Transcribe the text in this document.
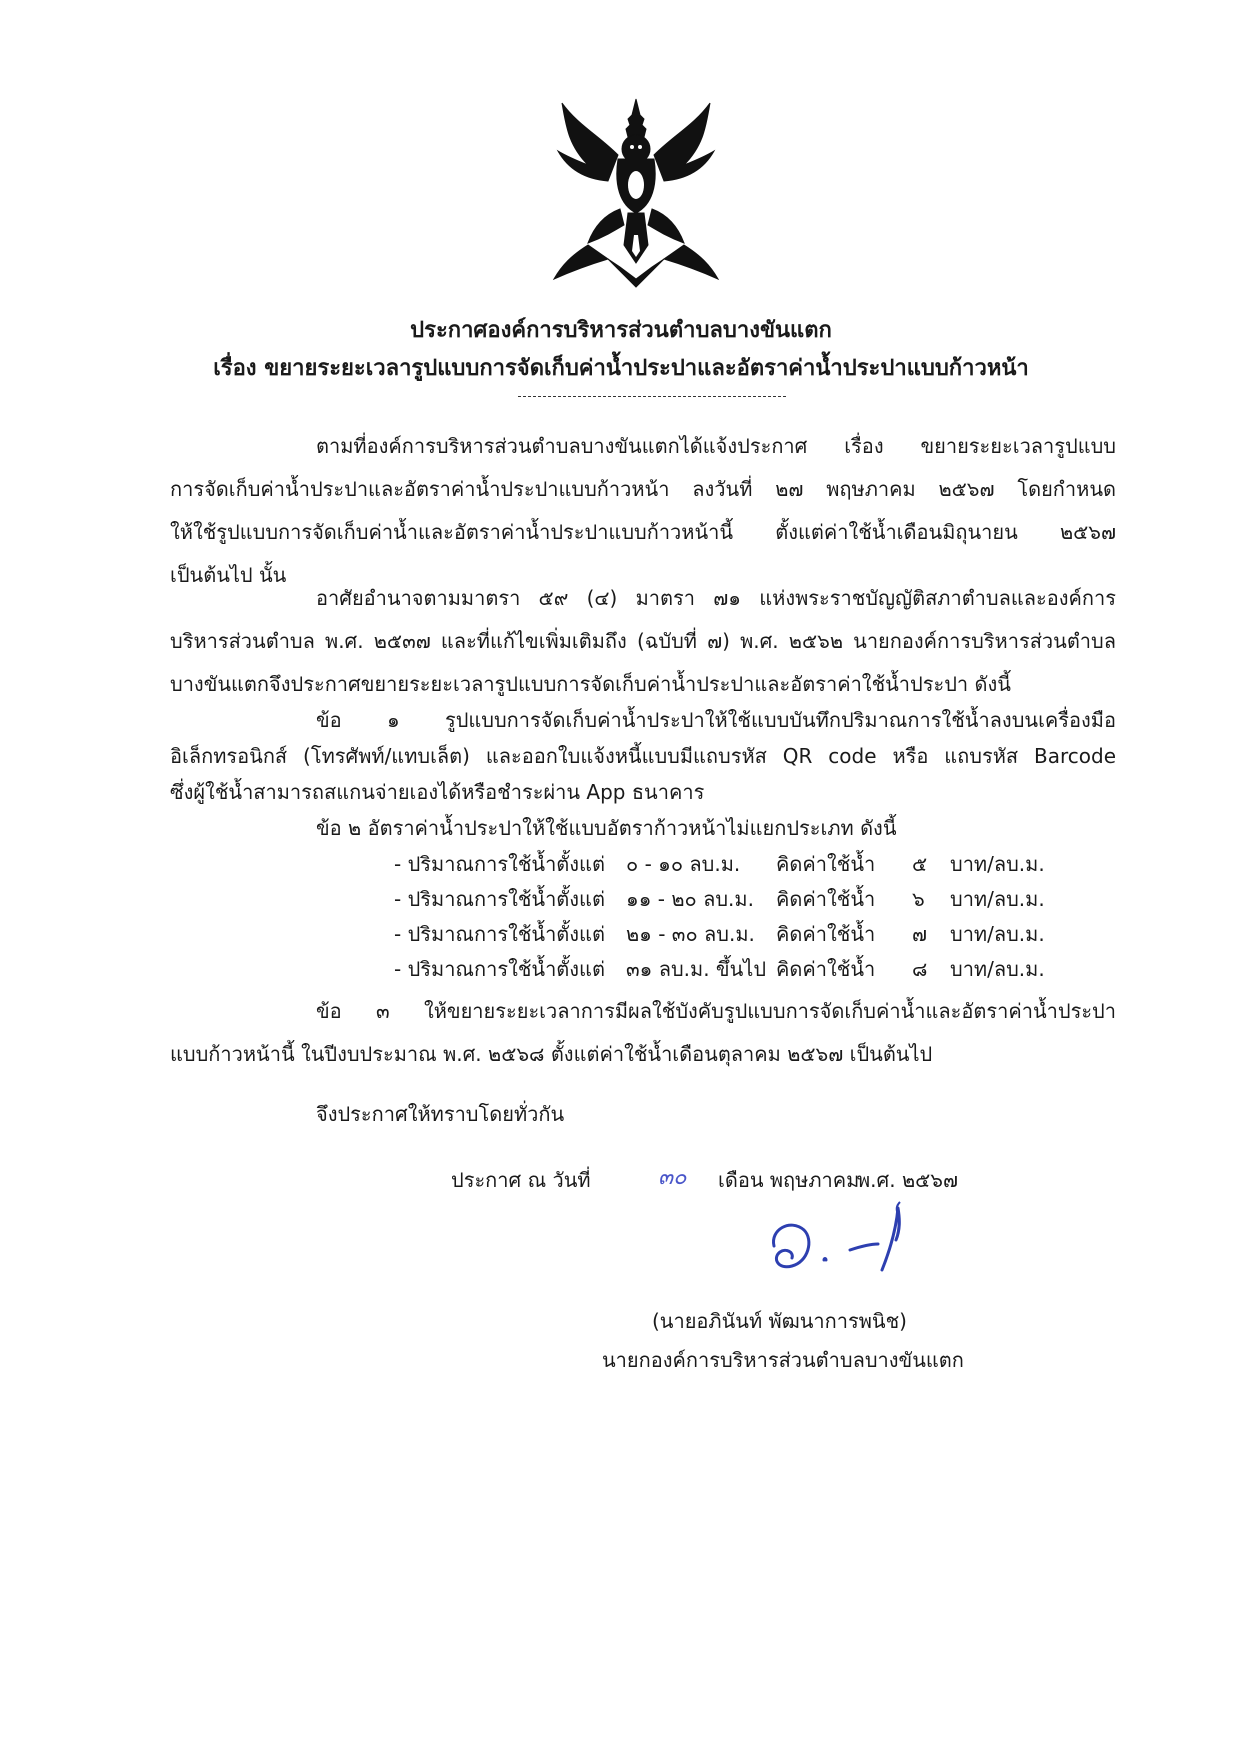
ประกาศองค์การบริหารส่วนตำบลบางขันแตก
เรื่อง ขยายระยะเวลารูปแบบการจัดเก็บค่าน้ำประปาและอัตราค่าน้ำประปาแบบก้าวหน้า
ตามที่องค์การบริหารส่วนตำบลบางขันแตกได้แจ้งประกาศ เรื่อง ขยายระยะเวลารูปแบบ
การจัดเก็บค่าน้ำประปาและอัตราค่าน้ำประปาแบบก้าวหน้า ลงวันที่ ๒๗ พฤษภาคม ๒๕๖๗ โดยกำหนด
ให้ใช้รูปแบบการจัดเก็บค่าน้ำและอัตราค่าน้ำประปาแบบก้าวหน้านี้ ตั้งแต่ค่าใช้น้ำเดือนมิถุนายน ๒๕๖๗
เป็นต้นไป นั้น
อาศัยอำนาจตามมาตรา ๕๙ (๔) มาตรา ๗๑ แห่งพระราชบัญญัติสภาตำบลและองค์การ
บริหารส่วนตำบล พ.ศ. ๒๕๓๗ และที่แก้ไขเพิ่มเติมถึง (ฉบับที่ ๗) พ.ศ. ๒๕๖๒ นายกองค์การบริหารส่วนตำบล
บางขันแตกจึงประกาศขยายระยะเวลารูปแบบการจัดเก็บค่าน้ำประปาและอัตราค่าใช้น้ำประปา ดังนี้
ข้อ ๑ รูปแบบการจัดเก็บค่าน้ำประปาให้ใช้แบบบันทึกปริมาณการใช้น้ำลงบนเครื่องมือ
อิเล็กทรอนิกส์ (โทรศัพท์/แทบเล็ต) และออกใบแจ้งหนี้แบบมีแถบรหัส QR code หรือ แถบรหัส Barcode
ซึ่งผู้ใช้น้ำสามารถสแกนจ่ายเองได้หรือชำระผ่าน App ธนาคาร
ข้อ ๒ อัตราค่าน้ำประปาให้ใช้แบบอัตราก้าวหน้าไม่แยกประเภท ดังนี้
- ปริมาณการใช้น้ำตั้งแต่ ๐ - ๑๐ ลบ.ม. คิดค่าใช้น้ำ ๕ บาท/ลบ.ม.
- ปริมาณการใช้น้ำตั้งแต่ ๑๑ - ๒๐ ลบ.ม. คิดค่าใช้น้ำ ๖ บาท/ลบ.ม.
- ปริมาณการใช้น้ำตั้งแต่ ๒๑ - ๓๐ ลบ.ม. คิดค่าใช้น้ำ ๗ บาท/ลบ.ม.
- ปริมาณการใช้น้ำตั้งแต่ ๓๑ ลบ.ม. ขึ้นไป คิดค่าใช้น้ำ ๘ บาท/ลบ.ม.
ข้อ ๓ ให้ขยายระยะเวลาการมีผลใช้บังคับรูปแบบการจัดเก็บค่าน้ำและอัตราค่าน้ำประปา
แบบก้าวหน้านี้ ในปีงบประมาณ พ.ศ. ๒๕๖๘ ตั้งแต่ค่าใช้น้ำเดือนตุลาคม ๒๕๖๗ เป็นต้นไป
จึงประกาศให้ทราบโดยทั่วกัน
ประกาศ ณ วันที่	๓๐ เดือน พฤษภาคม
พ.ศ. ๒๕๖๗
(นายอภินันท์ พัฒนาการพนิช)
นายกองค์การบริหารส่วนตำบลบางขันแตก
